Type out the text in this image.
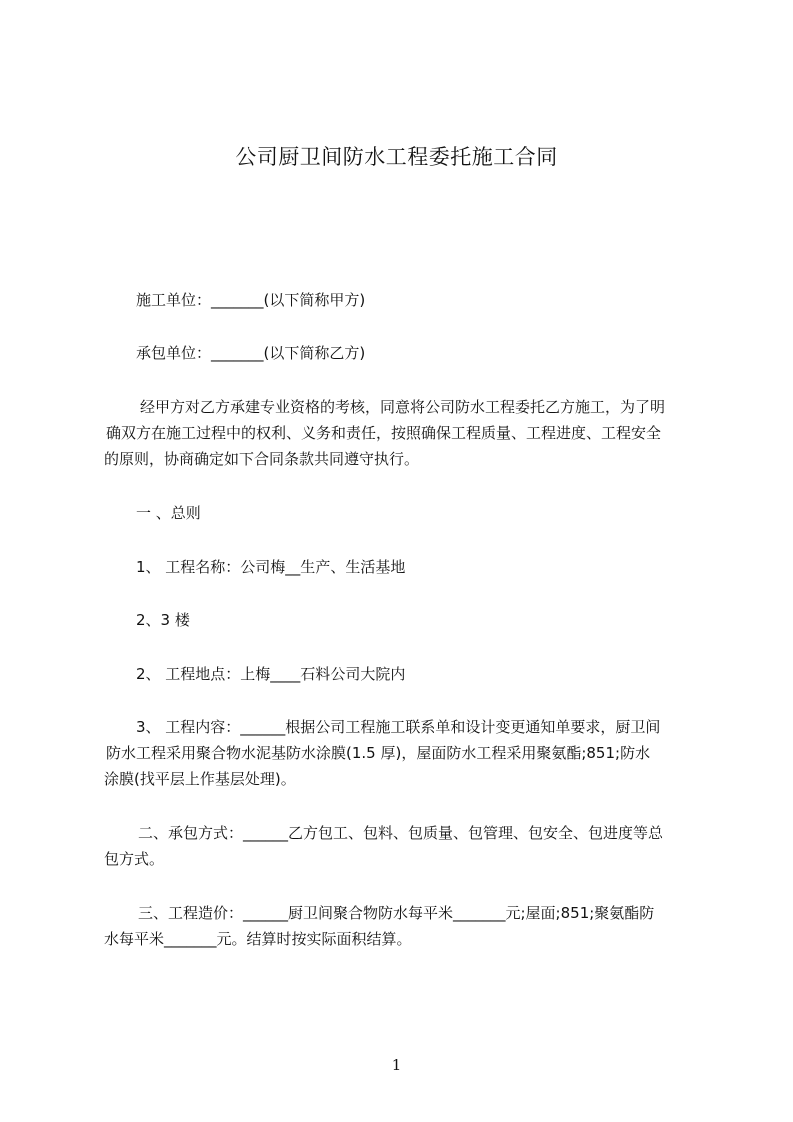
公司厨卫间防水工程委托施工合同
施工单位：_______(以下简称甲方)
承包单位：_______(以下简称乙方)
经甲方对乙方承建专业资格的考核，同意将公司防水工程委托乙方施工，为了明
确双方在施工过程中的权利、义务和责任，按照确保工程质量、工程进度、工程安全
的原则，协商确定如下合同条款共同遵守执行。
一 、总则
1、 工程名称：公司梅__生产、生活基地
2、3 楼
2、 工程地点：上梅____石料公司大院内
3、 工程内容：______根据公司工程施工联系单和设计变更通知单要求，厨卫间
防水工程采用聚合物水泥基防水涂膜(1.5 厚)，屋面防水工程采用聚氨酯;851;防水
涂膜(找平层上作基层处理)。
二、承包方式：______乙方包工、包料、包质量、包管理、包安全、包进度等总
包方式。
三、工程造价：______厨卫间聚合物防水每平米_______元;屋面;851;聚氨酯防
水每平米_______元。结算时按实际面积结算。
1
